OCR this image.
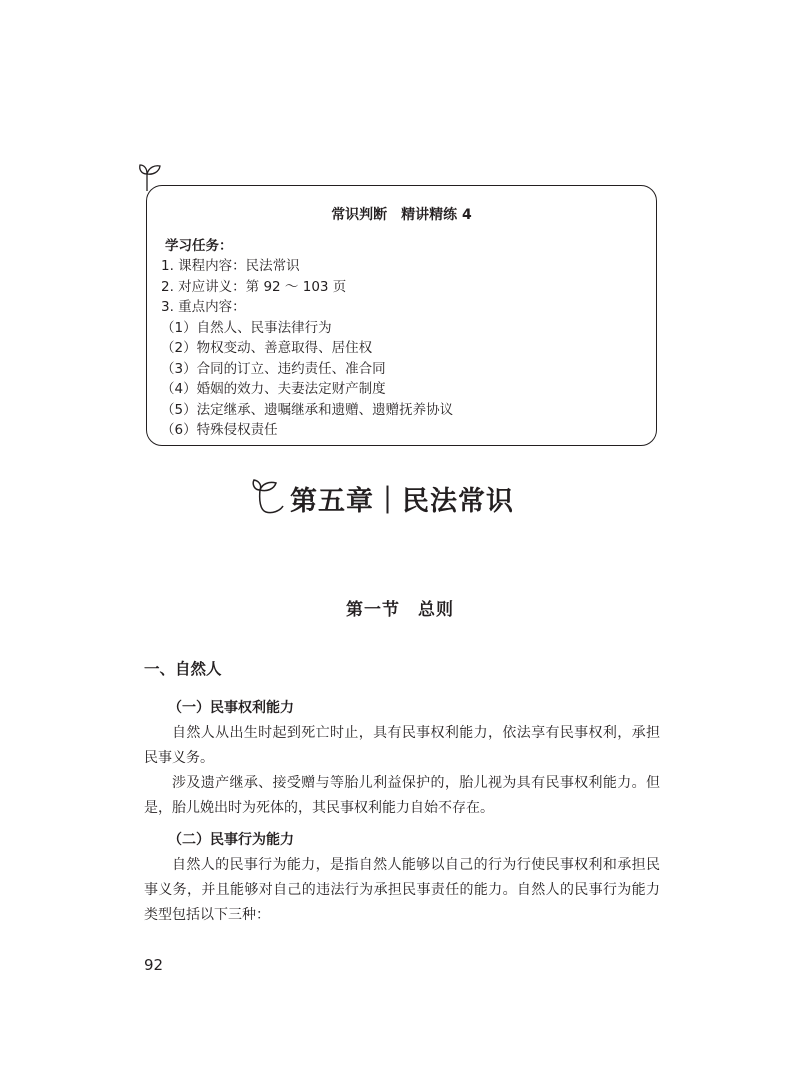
常识判断　精讲精练 4
学习任务：
1. 课程内容：民法常识
2. 对应讲义：第 92 ～ 103 页
3. 重点内容：
（1）自然人、民事法律行为
（2）物权变动、善意取得、居住权
（3）合同的订立、违约责任、准合同
（4）婚姻的效力、夫妻法定财产制度
（5）法定继承、遗嘱继承和遗赠、遗赠抚养协议
（6）特殊侵权责任
第五章｜民法常识
第一节　总则
一、自然人
（一）民事权利能力

自然人从出生时起到死亡时止，具有民事权利能力，依法享有民事权利，承担民事义务。

涉及遗产继承、接受赠与等胎儿利益保护的，胎儿视为具有民事权利能力。但是，胎儿娩出时为死体的，其民事权利能力自始不存在。

（二）民事行为能力

自然人的民事行为能力，是指自然人能够以自己的行为行使民事权利和承担民事义务，并且能够对自己的违法行为承担民事责任的能力。自然人的民事行为能力类型包括以下三种：

92
